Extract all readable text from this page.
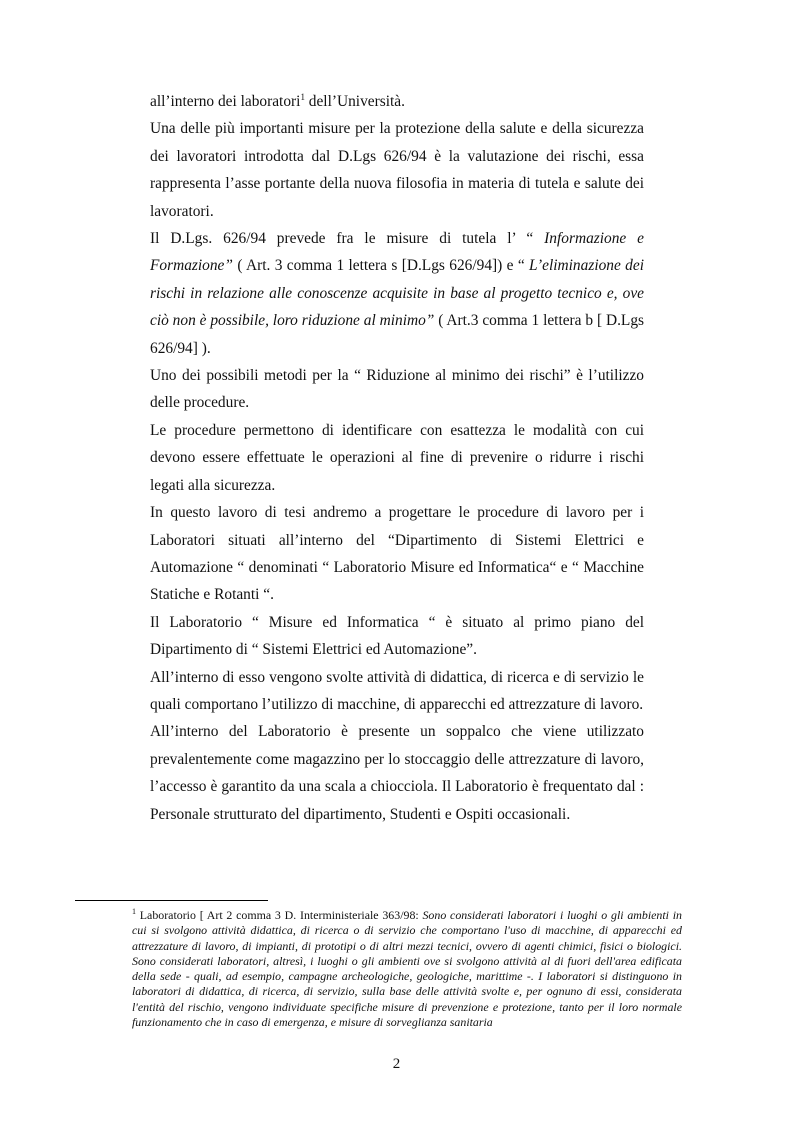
all’interno dei laboratori$^1$ dell’Università.

Una delle più importanti misure per la protezione della salute e della sicurezza dei lavoratori introdotta dal D.Lgs 626/94 è la valutazione dei rischi, essa rappresenta l’asse portante della nuova filosofia in materia di tutela e salute dei lavoratori.

Il D.Lgs. 626/94 prevede fra le misure di tutela l’ “ Informazione e Formazione” ( Art. 3 comma 1 lettera s [D.Lgs 626/94]) e “ L’eliminazione dei rischi in relazione alle conoscenze acquisite in base al progetto tecnico e, ove ciò non è possibile, loro riduzione al minimo” ( Art.3 comma 1 lettera b [ D.Lgs 626/94] ).

Uno dei possibili metodi per la “ Riduzione al minimo dei rischi” è l’utilizzo delle procedure.

Le procedure permettono di identificare con esattezza le modalità con cui devono essere effettuate le operazioni al fine di prevenire o ridurre i rischi legati alla sicurezza.

In questo lavoro di tesi andremo a progettare le procedure di lavoro per i Laboratori situati all’interno del “Dipartimento di Sistemi Elettrici e Automazione “ denominati “ Laboratorio Misure ed Informatica“ e “ Macchine Statiche e Rotanti “.

Il Laboratorio “ Misure ed Informatica “ è situato al primo piano del Dipartimento di “ Sistemi Elettrici ed Automazione”.

All’interno di esso vengono svolte attività di didattica, di ricerca e di servizio le quali comportano l’utilizzo di macchine, di apparecchi ed attrezzature di lavoro.

All’interno del Laboratorio è presente un soppalco che viene utilizzato prevalentemente come magazzino per lo stoccaggio delle attrezzature di lavoro, l’accesso è garantito da una scala a chiocciola. Il Laboratorio è frequentato dal : Personale strutturato del dipartimento, Studenti e Ospiti occasionali.

$^1$ Laboratorio [ Art 2 comma 3 D. Interministeriale 363/98: Sono considerati laboratori i luoghi o gli ambienti in cui si svolgono attività didattica, di ricerca o di servizio che comportano l'uso di macchine, di apparecchi ed attrezzature di lavoro, di impianti, di prototipi o di altri mezzi tecnici, ovvero di agenti chimici, fisici o biologici. Sono considerati laboratori, altresì, i luoghi o gli ambienti ove si svolgono attività al di fuori dell'area edificata della sede - quali, ad esempio, campagne archeologiche, geologiche, marittime -. I laboratori si distinguono in laboratori di didattica, di ricerca, di servizio, sulla base delle attività svolte e, per ognuno di essi, considerata l'entità del rischio, vengono individuate specifiche misure di prevenzione e protezione, tanto per il loro normale funzionamento che in caso di emergenza, e misure di sorveglianza sanitaria
2
